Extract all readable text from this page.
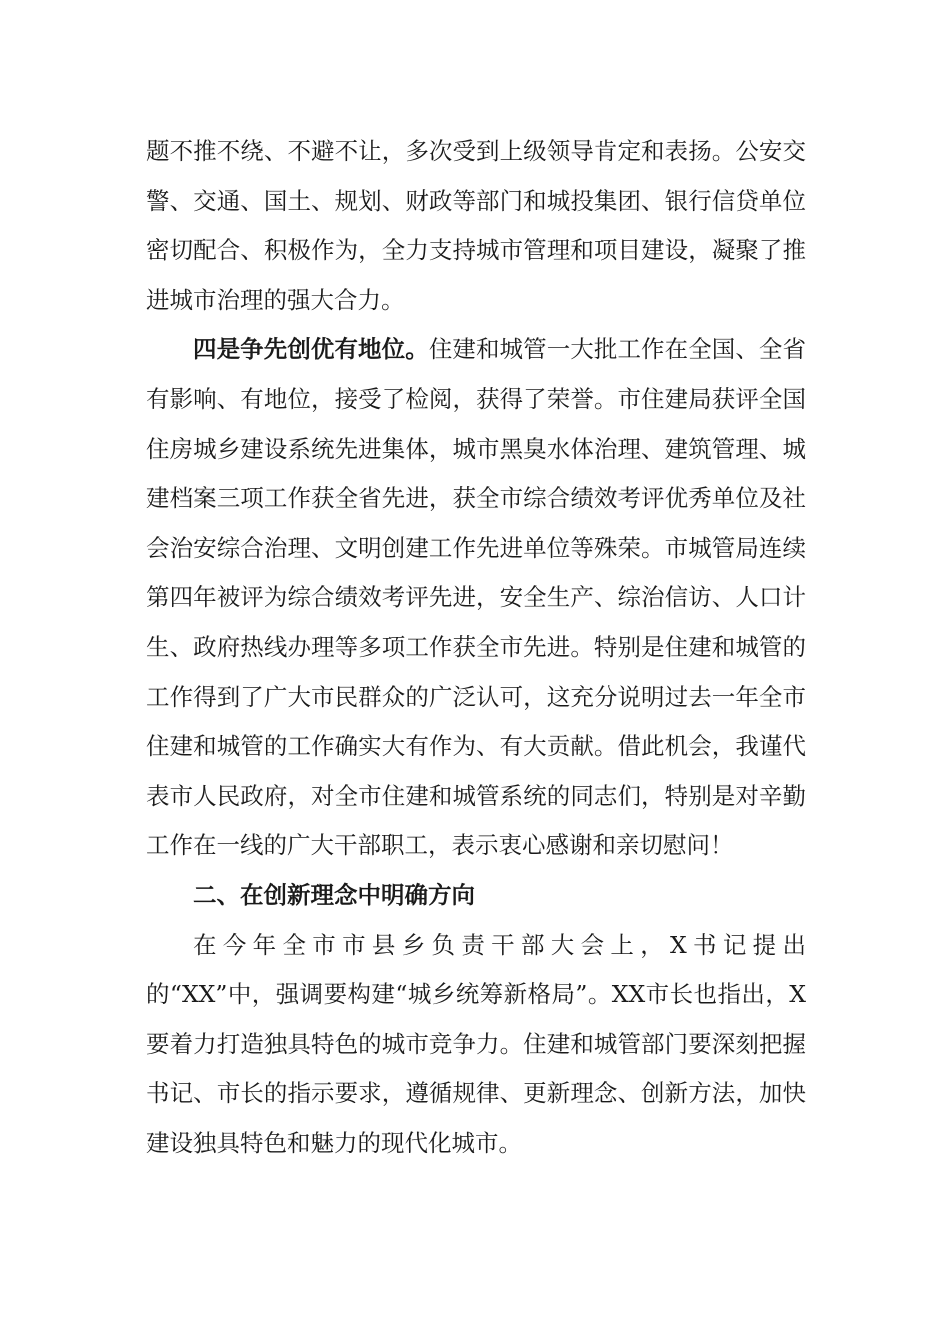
题不推不绕、不避不让，多次受到上级领导肯定和表扬。公安交警、交通、国土、规划、财政等部门和城投集团、银行信贷单位密切配合、积极作为，全力支持城市管理和项目建设，凝聚了推进城市治理的强大合力。

四是争先创优有地位。住建和城管一大批工作在全国、全省有影响、有地位，接受了检阅，获得了荣誉。市住建局获评全国住房城乡建设系统先进集体，城市黑臭水体治理、建筑管理、城建档案三项工作获全省先进，获全市综合绩效考评优秀单位及社会治安综合治理、文明创建工作先进单位等殊荣。市城管局连续第四年被评为综合绩效考评先进，安全生产、综治信访、人口计生、政府热线办理等多项工作获全市先进。特别是住建和城管的工作得到了广大市民群众的广泛认可，这充分说明过去一年全市住建和城管的工作确实大有作为、有大贡献。借此机会，我谨代表市人民政府，对全市住建和城管系统的同志们，特别是对辛勤工作在一线的广大干部职工，表示衷心感谢和亲切慰问！

二、在创新理念中明确方向

在今年全市市县乡负责干部大会上，X书记提出的“XX”中，强调要构建“城乡统筹新格局”。XX市长也指出，X要着力打造独具特色的城市竞争力。住建和城管部门要深刻把握书记、市长的指示要求，遵循规律、更新理念、创新方法，加快建设独具特色和魅力的现代化城市。
